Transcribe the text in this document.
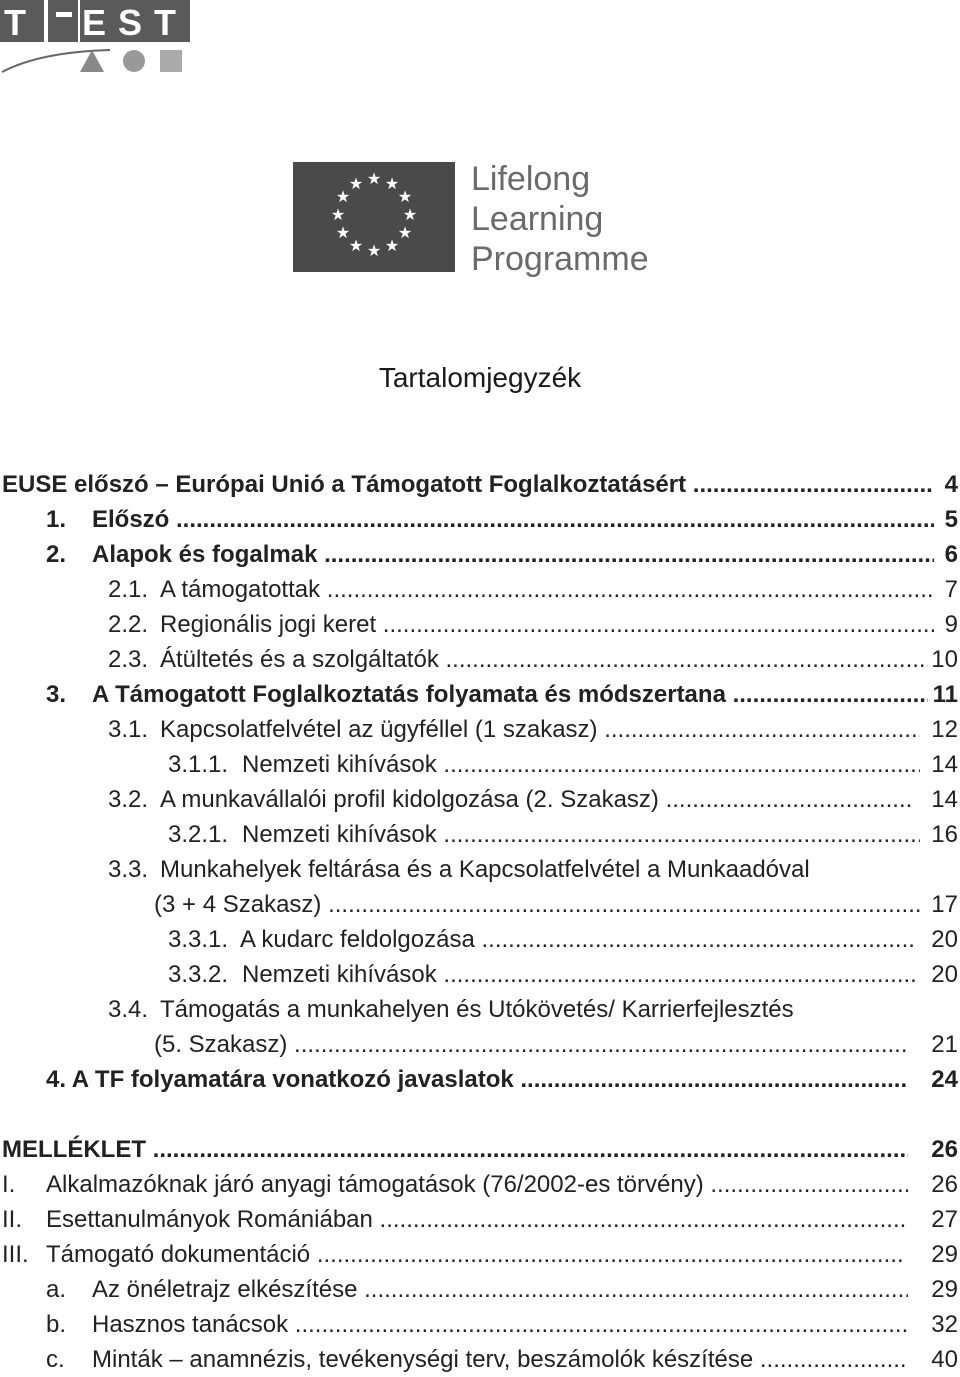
T E S T
★ ★
★
★
★
★
★
★
★
★
★
★	Lifelong
Learning
Programme
Tartalomjegyzék
EUSE előszó – Európai Unió a Támogatott Foglalkoztatásért .....	4
1. Előszó .....	5
2. Alapok és fogalmak .....	6
2.1. A támogatottak .....	7
2.2. Regionális jogi keret .....	9
2.3. Átültetés és a szolgáltatók .....	10
3. A Támogatott Foglalkoztatás folyamata és módszertana .....	11
3.1. Kapcsolatfelvétel az ügyféllel (1 szakasz) .....	12
3.1.1. Nemzeti kihívások .....	14
3.2. A munkavállalói profil kidolgozása (2. Szakasz) .....	14
3.2.1. Nemzeti kihívások .....	16
3.3. Munkahelyek feltárása és a Kapcsolatfelvétel a Munkaadóval
(3 + 4 Szakasz) .....	17
3.3.1. A kudarc feldolgozása .....	20
3.3.2. Nemzeti kihívások .....	20
3.4. Támogatás a munkahelyen és Utókövetés/ Karrierfejlesztés
(5. Szakasz) .....	21
4. A TF folyamatára vonatkozó javaslatok .....	24
MELLÉKLET .....	26
I. Alkalmazóknak járó anyagi támogatások (76/2002-es törvény) .....	26
II. Esettanulmányok Romániában .....	27
III. Támogató dokumentáció .....	29
a. Az önéletrajz elkészítése .....	29
b. Hasznos tanácsok .....	32
c. Minták – anamnézis, tevékenységi terv, beszámolók készítése .....	40
